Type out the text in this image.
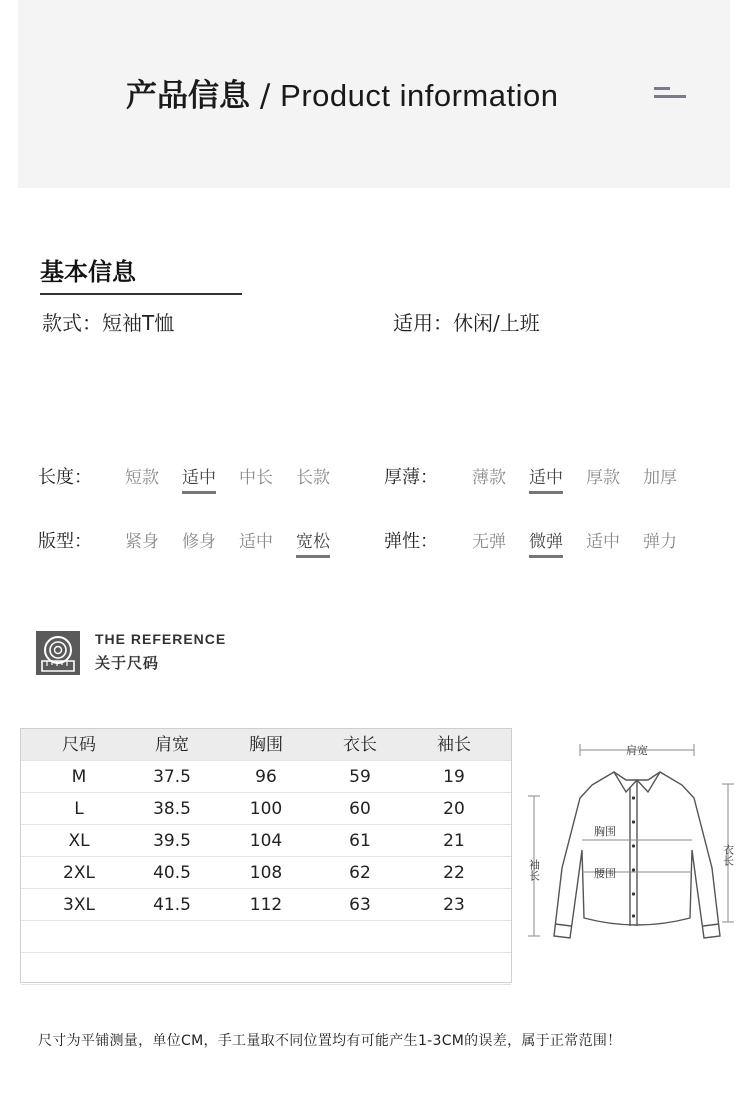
产品信息 / Product information
基本信息
款式：短袖T恤	适用：休闲/上班
长度： 短款 适中 中长 长款	厚薄： 薄款 适中 厚款 加厚
版型： 紧身 修身 适中 宽松	弹性： 无弹 微弹 适中 弹力
THE REFERENCE
关于尺码
尺码	肩宽	胸围	衣长	袖长
M	37.5	96	59	19
L	38.5	100	60	20
XL	39.5	104	61	21
2XL	40.5	108	62	22
3XL	41.5	112	63	23
肩宽
胸围
腰围
袖长
衣长
尺寸为平铺测量，单位CM，手工量取不同位置均有可能产生1-3CM的误差，属于正常范围！
